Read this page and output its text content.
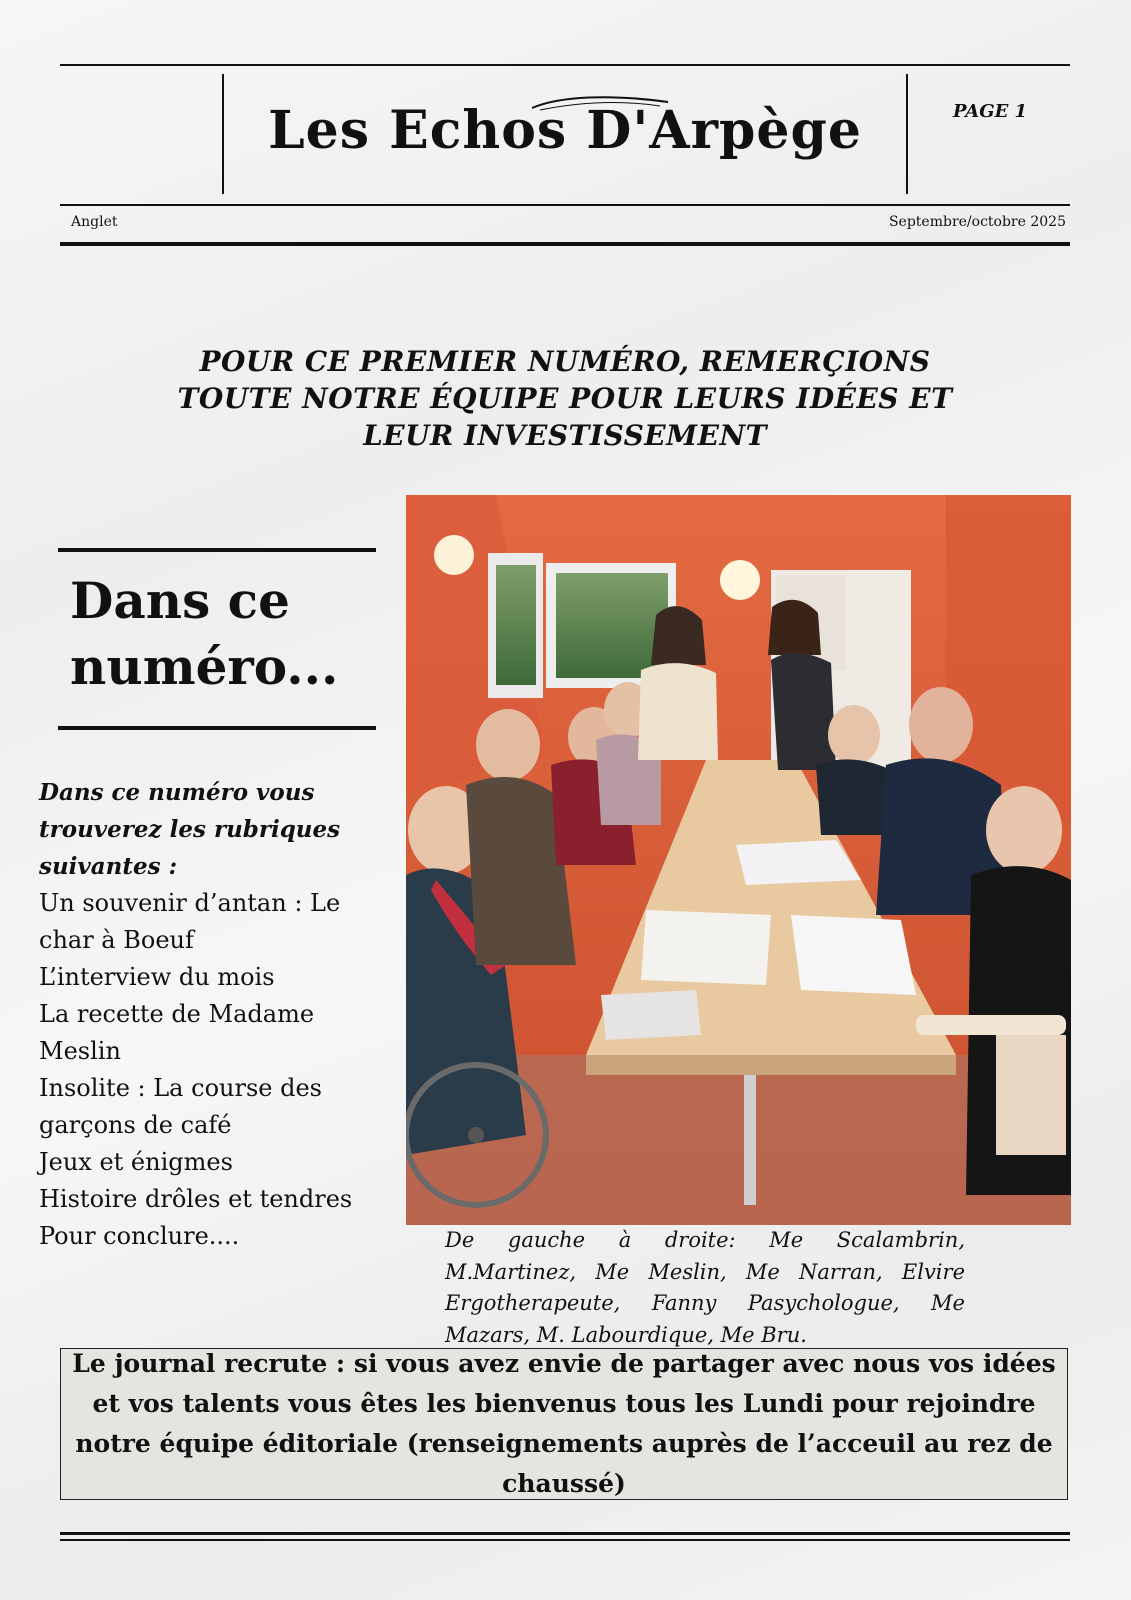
Les Echos D'Arpège	PAGE 1
Anglet	Septembre/octobre 2025
POUR CE PREMIER NUMÉRO, REMERÇIONS TOUTE NOTRE ÉQUIPE POUR LEURS IDÉES ET LEUR INVESTISSEMENT
Dans ce numéro...
Dans ce numéro vous trouverez les rubriques suivantes :
Un souvenir d’antan : Le char à Boeuf
L’interview du mois
La recette de Madame Meslin
Insolite : La course des garçons de café
Jeux et énigmes
Histoire drôles et tendres
Pour conclure....	De gauche à droite: Me Scalambrin, M.Martinez, Me Meslin, Me Narran, Elvire Ergotherapeute, Fanny Pasychologue, Me Mazars, M. Labourdique, Me Bru.
Le journal recrute : si vous avez envie de partager avec nous vos idées et vos talents vous êtes les bienvenus tous les Lundi pour rejoindre notre équipe éditoriale (renseignements auprès de l’acceuil au rez de chaussé)
